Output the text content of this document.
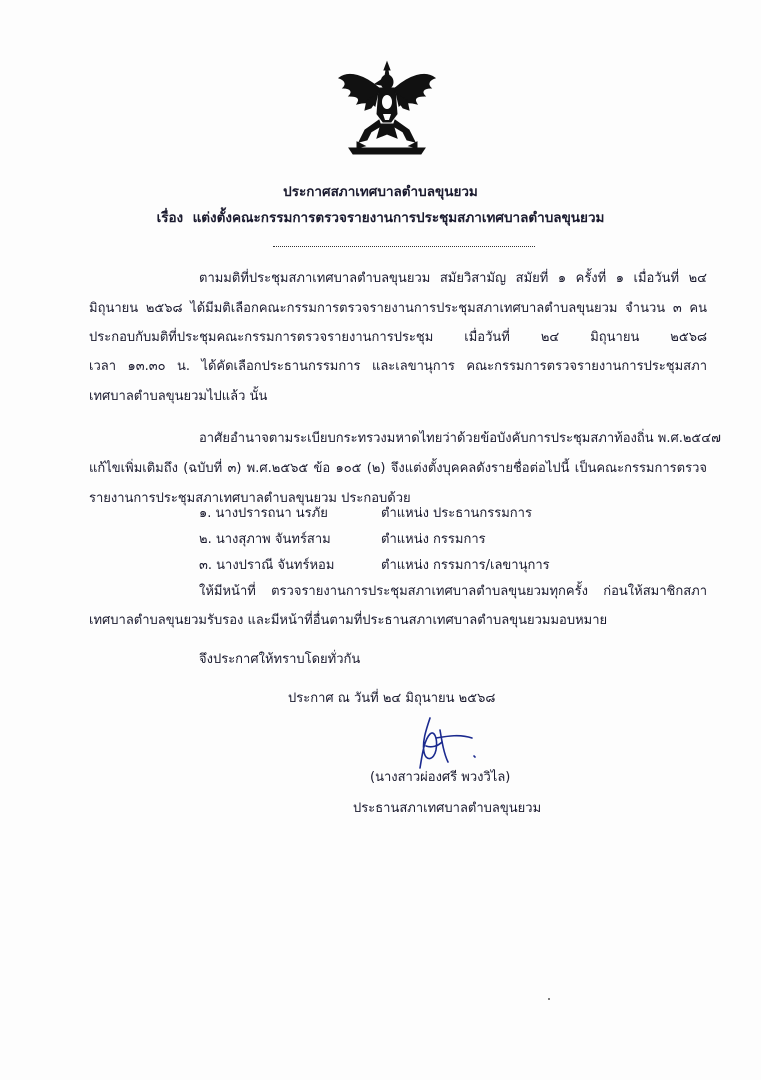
ประกาศสภาเทศบาลตำบลขุนยวม
เรื่อง แต่งตั้งคณะกรรมการตรวจรายงานการประชุมสภาเทศบาลตำบลขุนยวม
ตามมติที่ประชุมสภาเทศบาลตำบลขุนยวม สมัยวิสามัญ สมัยที่ ๑ ครั้งที่ ๑ เมื่อวันที่ ๒๔
มิถุนายน ๒๕๖๘ ได้มีมติเลือกคณะกรรมการตรวจรายงานการประชุมสภาเทศบาลตำบลขุนยวม จำนวน ๓ คน
ประกอบกับมติที่ประชุมคณะกรรมการตรวจรายงานการประชุม เมื่อวันที่ ๒๔ มิถุนายน ๒๕๖๘
เวลา ๑๓.๓๐ น. ได้คัดเลือกประธานกรรมการ และเลขานุการ คณะกรรมการตรวจรายงานการประชุมสภา
เทศบาลตำบลขุนยวมไปแล้ว นั้น
อาศัยอำนาจตามระเบียบกระทรวงมหาดไทยว่าด้วยข้อบังคับการประชุมสภาท้องถิ่น พ.ศ.๒๕๔๗
แก้ไขเพิ่มเติมถึง (ฉบับที่ ๓) พ.ศ.๒๕๖๕ ข้อ ๑๐๕ (๒) จึงแต่งตั้งบุคคลดังรายชื่อต่อไปนี้ เป็นคณะกรรมการตรวจ
รายงานการประชุมสภาเทศบาลตำบลขุนยวม ประกอบด้วย
๑. นางปรารถนา นรภัย	ตำแหน่ง ประธานกรรมการ
๒. นางสุภาพ จันทร์สาม	ตำแหน่ง กรรมการ
๓. นางปราณี จันทร์หอม	ตำแหน่ง กรรมการ/เลขานุการ
ให้มีหน้าที่ ตรวจรายงานการประชุมสภาเทศบาลตำบลขุนยวมทุกครั้ง ก่อนให้สมาชิกสภา
เทศบาลตำบลขุนยวมรับรอง และมีหน้าที่อื่นตามที่ประธานสภาเทศบาลตำบลขุนยวมมอบหมาย
จึงประกาศให้ทราบโดยทั่วกัน
ประกาศ ณ วันที่ ๒๔ มิถุนายน ๒๕๖๘
(นางสาวผ่องศรี พวงวิไล)
ประธานสภาเทศบาลตำบลขุนยวม
